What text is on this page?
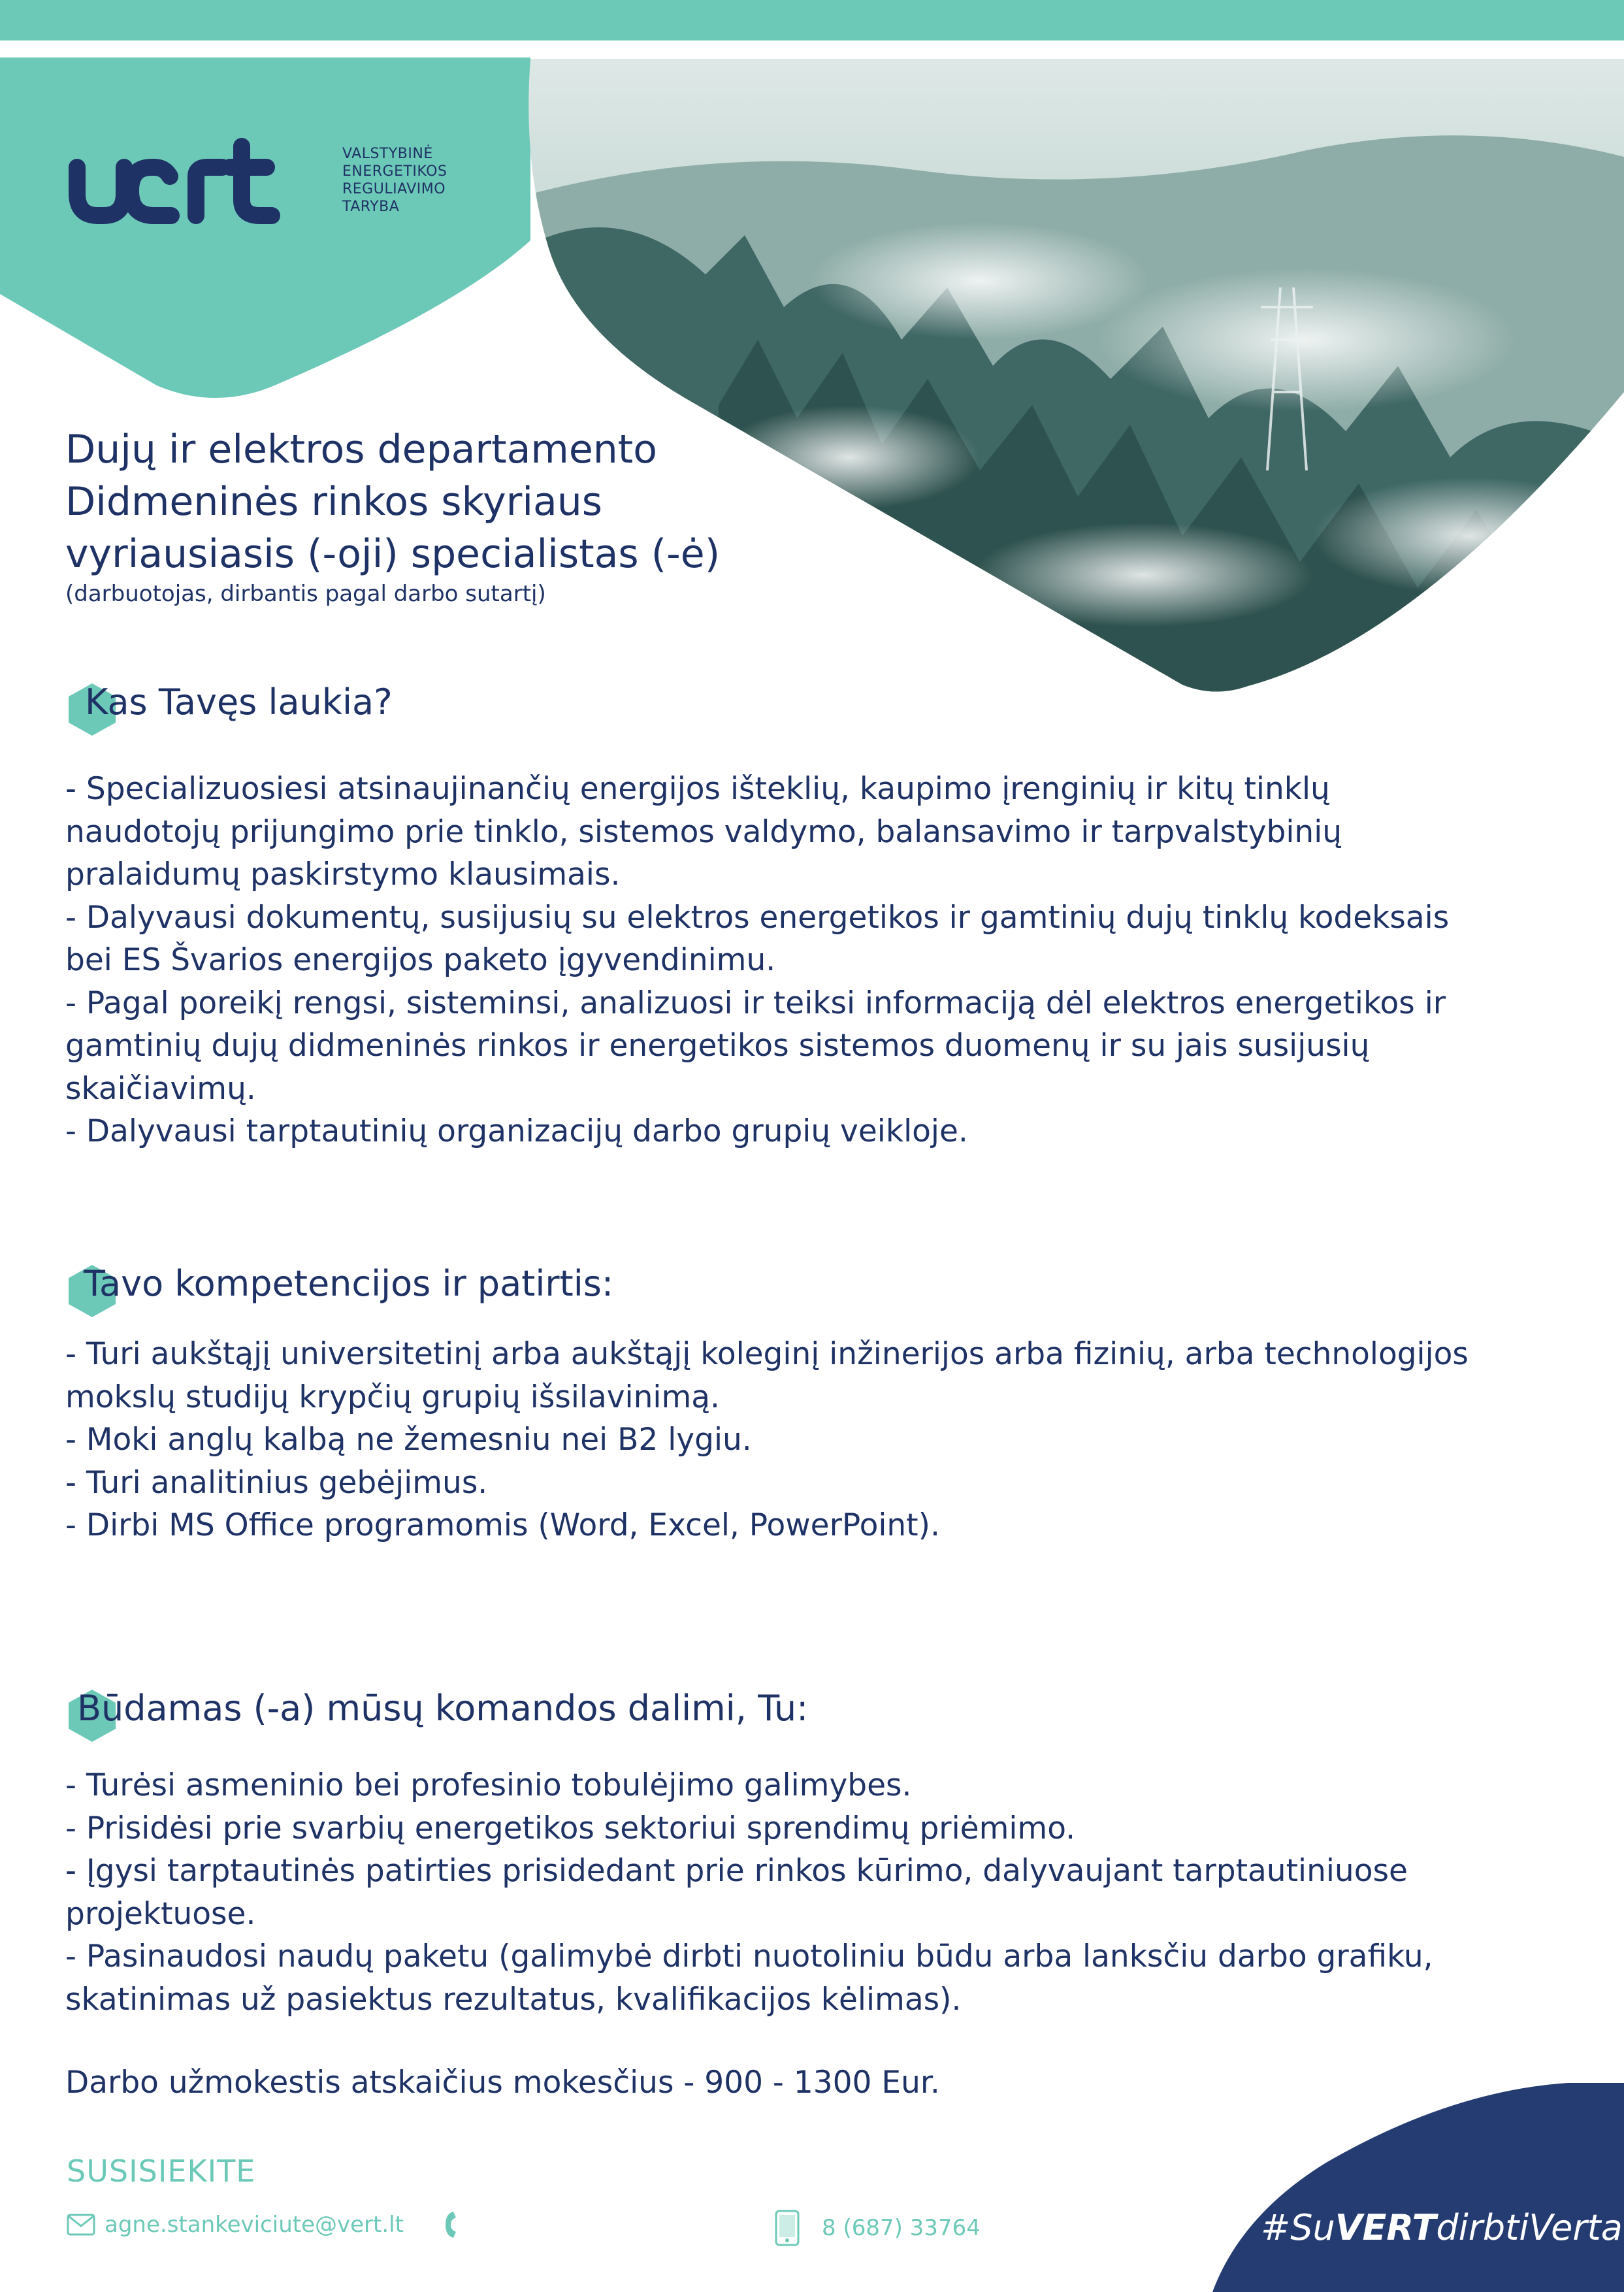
VALSTYBINĖ
ENERGETIKOS
REGULIAVIMO
TARYBA
Dujų ir elektros departamento
Didmeninės rinkos skyriaus
vyriausiasis (-oji) specialistas (-ė)
(darbuotojas, dirbantis pagal darbo sutartį)
Kas Tavęs laukia?
- Specializuosiesi atsinaujinančių energijos išteklių, kaupimo įrenginių ir kitų tinklų
naudotojų prijungimo prie tinklo, sistemos valdymo, balansavimo ir tarpvalstybinių
pralaidumų paskirstymo klausimais.
- Dalyvausi dokumentų, susijusių su elektros energetikos ir gamtinių dujų tinklų kodeksais
bei ES Švarios energijos paketo įgyvendinimu.
- Pagal poreikį rengsi, sisteminsi, analizuosi ir teiksi informaciją dėl elektros energetikos ir
gamtinių dujų didmeninės rinkos ir energetikos sistemos duomenų ir su jais susijusių
skaičiavimų.
- Dalyvausi tarptautinių organizacijų darbo grupių veikloje.
Tavo kompetencijos ir patirtis:
- Turi aukštąjį universitetinį arba aukštąjį koleginį inžinerijos arba fizinių, arba technologijos
mokslų studijų krypčių grupių išsilavinimą.
- Moki anglų kalbą ne žemesniu nei B2 lygiu.
- Turi analitinius gebėjimus.
- Dirbi MS Office programomis (Word, Excel, PowerPoint).
Būdamas (-a) mūsų komandos dalimi, Tu:
- Turėsi asmeninio bei profesinio tobulėjimo galimybes.
- Prisidėsi prie svarbių energetikos sektoriui sprendimų priėmimo.
- Įgysi tarptautinės patirties prisidedant prie rinkos kūrimo, dalyvaujant tarptautiniuose
projektuose.
- Pasinaudosi naudų paketu (galimybė dirbti nuotoliniu būdu arba lanksčiu darbo grafiku,
skatinimas už pasiektus rezultatus, kvalifikacijos kėlimas).
Darbo užmokestis atskaičius mokesčius - 900 - 1300 Eur.
SUSISIEKITE
agne.stankeviciute@vert.lt	8 (687) 33764	#SuVERTdirbtiVerta
